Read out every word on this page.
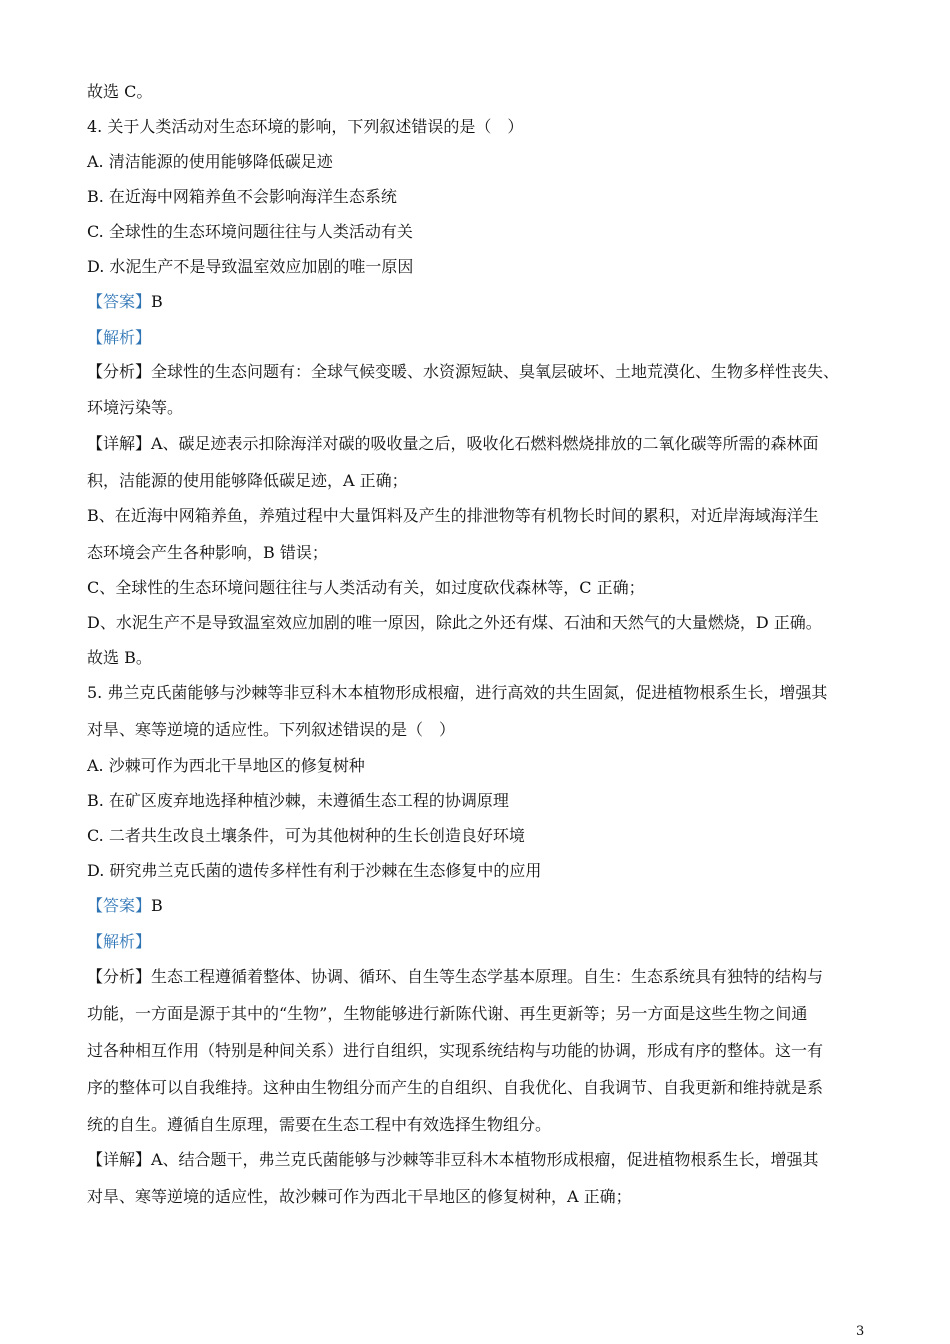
故选 C。
4. 关于人类活动对生态环境的影响，下列叙述错误的是（　）
A. 清洁能源的使用能够降低碳足迹
B. 在近海中网箱养鱼不会影响海洋生态系统
C. 全球性的生态环境问题往往与人类活动有关
D. 水泥生产不是导致温室效应加剧的唯一原因
【答案】B
【解析】
【分析】全球性的生态问题有：全球气候变暖、水资源短缺、臭氧层破坏、土地荒漠化、生物多样性丧失、
环境污染等。
【详解】A、碳足迹表示扣除海洋对碳的吸收量之后，吸收化石燃料燃烧排放的二氧化碳等所需的森林面
积，洁能源的使用能够降低碳足迹，A 正确；
B、在近海中网箱养鱼，养殖过程中大量饵料及产生的排泄物等有机物长时间的累积，对近岸海域海洋生
态环境会产生各种影响，B 错误；
C、全球性的生态环境问题往往与人类活动有关，如过度砍伐森林等，C 正确；
D、水泥生产不是导致温室效应加剧的唯一原因，除此之外还有煤、石油和天然气的大量燃烧，D 正确。
故选 B。
5. 弗兰克氏菌能够与沙棘等非豆科木本植物形成根瘤，进行高效的共生固氮，促进植物根系生长，增强其
对旱、寒等逆境的适应性。下列叙述错误的是（　）
A. 沙棘可作为西北干旱地区的修复树种
B. 在矿区废弃地选择种植沙棘，未遵循生态工程的协调原理
C. 二者共生改良土壤条件，可为其他树种的生长创造良好环境
D. 研究弗兰克氏菌的遗传多样性有利于沙棘在生态修复中的应用
【答案】B
【解析】
【分析】生态工程遵循着整体、协调、循环、自生等生态学基本原理。自生：生态系统具有独特的结构与
功能，一方面是源于其中的“生物”，生物能够进行新陈代谢、再生更新等；另一方面是这些生物之间通
过各种相互作用（特别是种间关系）进行自组织，实现系统结构与功能的协调，形成有序的整体。这一有
序的整体可以自我维持。这种由生物组分而产生的自组织、自我优化、自我调节、自我更新和维持就是系
统的自生。遵循自生原理，需要在生态工程中有效选择生物组分。
【详解】A、结合题干，弗兰克氏菌能够与沙棘等非豆科木本植物形成根瘤，促进植物根系生长，增强其
对旱、寒等逆境的适应性，故沙棘可作为西北干旱地区的修复树种，A 正确；
3
